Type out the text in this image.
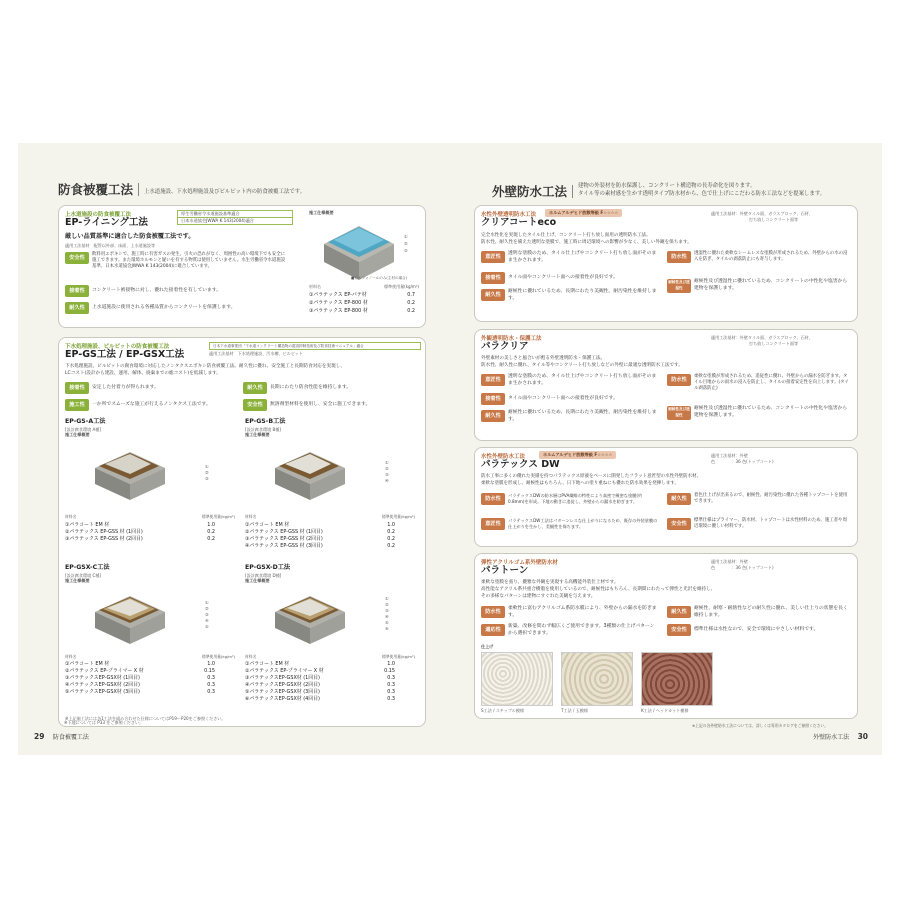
防食被覆工法	上水道施設、下水処理施設及びピルピット内の防食被覆工法です。
上水道施設の防食被覆工法
EP-ライニング工法
厚生労働省令水道施設基準適合
日本水道協会JWWA K 143(2004)適合
厳しい品質基準に適合した防食被覆工法です。
適用工法基材　配管以外部、床面、上水道施設等
安全性
飲料用エポキシで、施工時に有害ガスの発生、引火の恐れがなく、周囲性の高い環境下でも安全に施工できます。また環境ホルモンと疑いを有する物質は使用していません。水生労働省令水道施設基準、日本水道協会JWWA K 143(2004)に適合しています。
接着性	コンクリート被接物に対し、優れた接着性を有しています。
耐久性	上水道施設に使用される各種品質からコンクリートを保護します。
施工仕様概要
①
②
③
■ピルフォノールのみ(主材の場合)
材料名	標準使用量(kg/m²)
①パラテックス EP-パテ材	0.7
②パラテックス EP-800 材	0.2
③パラテックス EP-800 材	0.2
下水処理施設、ピルピットの防食被覆工法
EP-GS工法 / EP-GSX工法
日本下水道事業団「下水道コンクリート構造物の腐食抑制技術及び防食技術マニュアル」適合
適用工法基材　下水処理施設、汚水槽、ピルピット
下水処理施設、ピルピットの腐食環境に対応したノンタクスエポキシ防食被覆工法。耐久性に優れ、安全施工と長期防食対応を実現し、
LCコスト(設計から建設、運用、解体、廃棄までの総コスト)を低減します。
接着性	安定した付着力が得られます。	耐久性	長期にわたり防食性能を維持します。
施工性	一か所でスムーズな施工が行えるノンタクス工法です。	安全性	無溶剤型材料を使用し、安全に施工できます。
EP-GS-A工法
[設計腐食環境 A種]
施工仕様概要
①
②
③
材料名	標準使用量(kg/m²)
①パラコート EM 材	1.0
②パラテックス EP-GSS 材 (1回目)	0.2
③パラテックス EP-GSS 材 (2回目)	0.2
EP-GS-B工法
[設計腐食環境 B種]
施工仕様概要
①
②
③
④
材料名	標準使用量(kg/m²)
①パラコート EM 材	1.0
②パラテックス EP-GSS 材 (1回目)	0.2
③パラテックス EP-GSS 材 (2回目)	0.2
④パラテックス EP-GSS 材 (3回目)	0.2
EP-GSX-C工法
[設計腐食環境 C種]
施工仕様概要
①
②
③
④
⑤
材料名	標準使用量(kg/m²)
①パラコート EM 材	1.0
②パラテックス EP-プライマー X 材	0.15
③パラテックスEP-GSX材 (1回目)	0.3
④パラテックスEP-GSX材 (2回目)	0.3
⑤パラテックスEP-GSX材 (3回目)	0.3
EP-GSX-D工法
[設計腐食環境 D種]
施工仕様概要
①
②
③
④
⑤
⑥
材料名	標準使用量(kg/m²)
①パラコート EM 材	1.0
②パラテックス EP-プライマー X 材	0.15
③パラテックスEP-GSX材 (1回目)	0.3
④パラテックスEP-GSX材 (2回目)	0.3
⑤パラテックスEP-GSX材 (3回目)	0.3
⑥パラテックスEP-GSX材 (4回目)	0.3
※上記施工法には各1工法を組み合わせた仕様についてはP19〜P20をご参照ください。
※下地については P33 をご参照ください。
29 防食被覆工法
外壁防水工法	建物の外装材を防水保護し、コンクリート構造物の長寿命化を図ります。
タイル等の素材感を生かす透明タイプ防水材から、色で仕上げにこだわる防水工法などを提案します。
水性外壁透明防水工法	ホルムアルデヒド放散等級 F☆☆☆☆
クリアコートeco
適用工法基材：外壁タイル面、ガラスブロック、石材、
打ち放しコンクリート面等
完全水性化を実現したタイル仕上げ、コンクリート打ち放し面用の透明防水工法。
防水性、耐久性を備えた透明な塗膜で、施工時に周辺環境への影響が少なく、美しい外観を保ちます。
意匠性
透明な塗膜のため、タイル仕上げやコンクリート打ち放し面がそのまま生かされます。
防水性
透湿性に優れた柔軟なシームレスな塗膜が形成されるため、外壁からの水の浸入を防ぎ、タイルの剥落防止にも寄与します。
接着性	タイル面やコンクリート面への接着性が良好です。
耐久性
耐候性に優れているため、長期にわたり美観性、耐汚染性を維持します。
耐候性及び透湿性
耐候性及び透湿性に優れているため、コンクリートの中性化や塩害から建物を保護します。
外観透明防水・保護工法
パラクリア
適用工法基材：外壁タイル面、ガラスブロック、石材、
打ち放しコンクリート面等
外壁素材の美しさと風合いが甦る外壁透明防水・保護工法。
防水性、耐久性に優れ、タイル等やコンクリート打ち放しなどの外壁に最適な透明防水工法です。
意匠性
透明な塗膜のため、タイル仕上げやコンクリート打ち放し面がそのまま生かされます。
防水性
柔軟な塗膜が形成されるため、追従性に優れ、外壁からの漏水を防ぎます。タイル目地からの雨水の浸入を防止し、タイルの接着安定性を向上します。(タイル剥落防止)
接着性	タイル面やコンクリート面への接着性が良好です。
耐久性
耐候性に優れているため、長期にわたり美観性、耐汚染性を維持します。
耐候性及び透湿性
耐候性及び透湿性に優れているため、コンクリートの中性化や塩害から建物を保護します。
水性外壁防水工法	ホルムアルデヒド放散等級 F☆☆☆☆
パラテックス DW
適用工法基材：外壁
色　　　　：36 色(トップコート)
防水工事に多くの優れた実績を持つパラテックス原液をベースに開発したフラット意匠型の水性外壁防水材。
柔軟な塗膜を形成し、耐候性はもちろん、日下地への塗り重ねにも優れた防水効果を発揮します。
防水性
パラテックスDWの防水層はPVA繊維の特性により高密で緻密な塗膜(約0.8mm)を形成。下地の動きに追従し、外壁からの漏水を防ぎます。	耐久性
着色仕上げが出来るので、耐候性、耐汚染性に優れた各種トップコートを使用できます。
意匠性
パラテックスDW工法はパターンレスな仕上がりになるため、既存の外装塗膜の仕上がりを生かし、美観性を保ちます。	安全性
標準仕様はプライマー、防水材、トップコートは水性材料のため、施工者や周辺環境に優しい材料です。
弾性アクリルゴム系外壁防水材
パラトーン
適用工法基材：外壁
色　　　　：36 色(トップコート)
柔軟な塗膜を張り、優雅な外観を実現する高機能外装仕上材です。
高性能なアクリル系共重合樹脂を使用しているので、耐候性はもちろん、長期間にわたって弾性と光沢を維持し、
その多様なパターンは建物にすぐれた美観を与えます。
防水性
柔軟性に富むアクリルゴム系防水膜により、外壁からの漏水を防ぎます。
耐久性
耐候性、耐寒・耐熱性などの耐久性に優れ、美しい仕上りの状態を長く維持します。
適応性
新築、改修を問わず幅広くご使用できます。3種類の仕上げパターンから選択できます。
安全性	標準仕様は水性なので、安全で環境にやさしい材料です。
仕上げ
S工法 / スチップル模様	T工法 / 玉模様	K工法 / ヘッドカット模様
※上記の各外壁防水工法については、詳しくは専用カタログをご参照ください。
外壁防水工法 30
